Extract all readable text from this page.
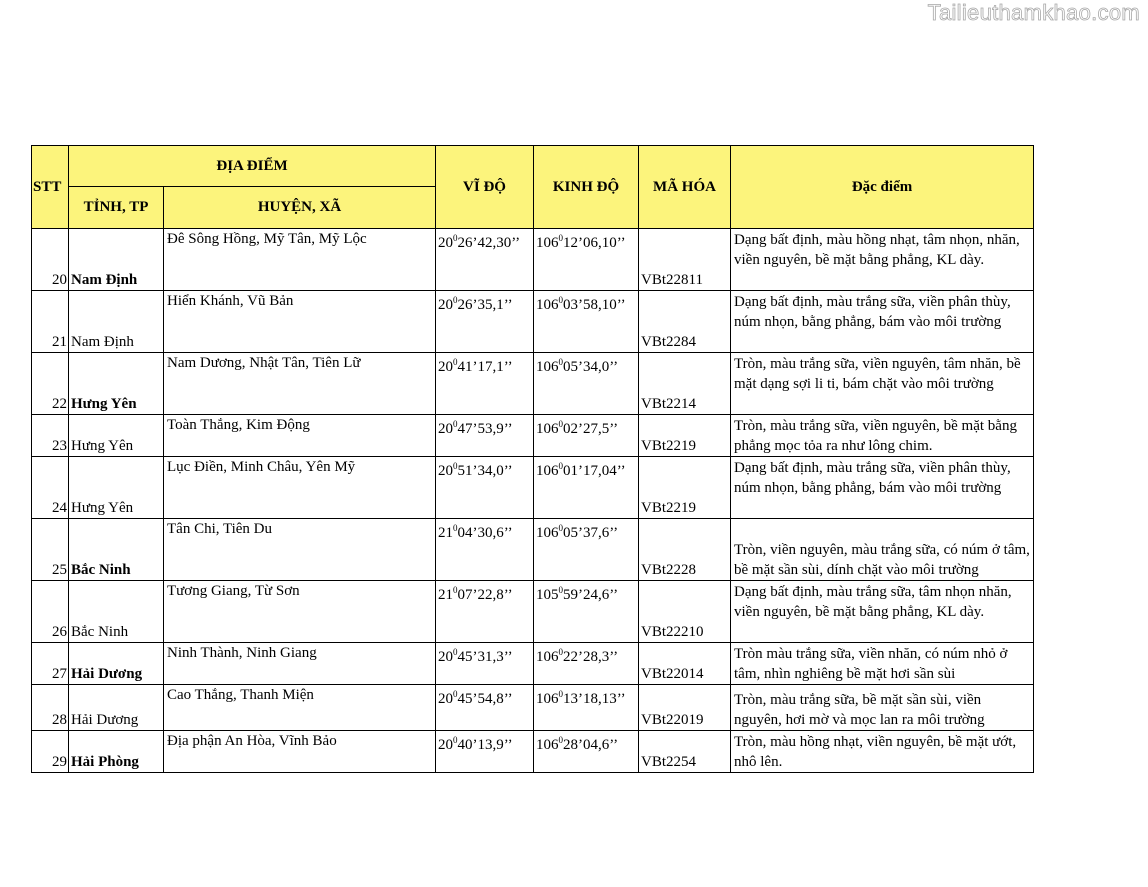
Tailieuthamkhao.com
STT	ĐỊA ĐIỂM		VĨ ĐỘ	KINH ĐỘ	MÃ HÓA	Đặc điểm
	TỈNH, TP	HUYỆN, XÃ				
20	Nam Định	Đê Sông Hồng, Mỹ Tân, Mỹ Lộc	$20^026’42,30$’’	$106^012’06,10$’’	VBt22811	Dạng bất định, màu hồng nhạt, tâm nhọn, nhăn, viền nguyên, bề mặt bằng phẳng, KL dày.
21	Nam Định	Hiển Khánh, Vũ Bản	$20^026’35,1$’’	$106^003’58,10$’’	VBt2284	Dạng bất định, màu trắng sữa, viền phân thùy, núm nhọn, bằng phẳng, bám vào môi trường
22	Hưng Yên	Nam Dương, Nhật Tân, Tiên Lữ	$20^041’17,1$’’	$106^005’34,0$’’	VBt2214	Tròn, màu trắng sữa, viền nguyên, tâm nhăn, bề mặt dạng sợi li ti, bám chặt vào môi trường
23	Hưng Yên	Toàn Thắng, Kim Động	$20^047’53,9$’’	$106^002’27,5$’’	VBt2219	Tròn, màu trắng sữa, viền nguyên, bề mặt bằng phẳng mọc tỏa ra như lông chim.
24	Hưng Yên	Lục Điền, Minh Châu, Yên Mỹ	$20^051’34,0$’’	$106^001’17,04$’’	VBt2219	Dạng bất định, màu trắng sữa, viền phân thùy, núm nhọn, bằng phẳng, bám vào môi trường
25	Bắc Ninh	Tân Chi, Tiên Du	$21^004’30,6$’’	$106^005’37,6$’’	VBt2228	Tròn, viền nguyên, màu trắng sữa, có núm ở tâm, bề mặt sần sùi, dính chặt vào môi trường
26	Bắc Ninh	Tương Giang, Từ Sơn	$21^007’22,8$’’	$105^059’24,6$’’	VBt22210	Dạng bất định, màu trắng sữa, tâm nhọn nhăn, viền nguyên, bề mặt bằng phẳng, KL dày.
27	Hải Dương	Ninh Thành, Ninh Giang	$20^045’31,3$’’	$106^022’28,3$’’	VBt22014	Tròn màu trắng sữa, viền nhăn, có núm nhỏ ở tâm, nhìn nghiêng bề mặt hơi sần sùi
28	Hải Dương	Cao Thắng, Thanh Miện	$20^045’54,8$’’	$106^013’18,13$’’	VBt22019	Tròn, màu trắng sữa, bề mặt sần sùi, viền nguyên, hơi mờ và mọc lan ra môi trường
29	Hải Phòng	Địa phận An Hòa, Vĩnh Bảo	$20^040’13,9$’’	$106^028’04,6$’’	VBt2254	Tròn, màu hồng nhạt, viền nguyên, bề mặt ướt, nhô lên.
